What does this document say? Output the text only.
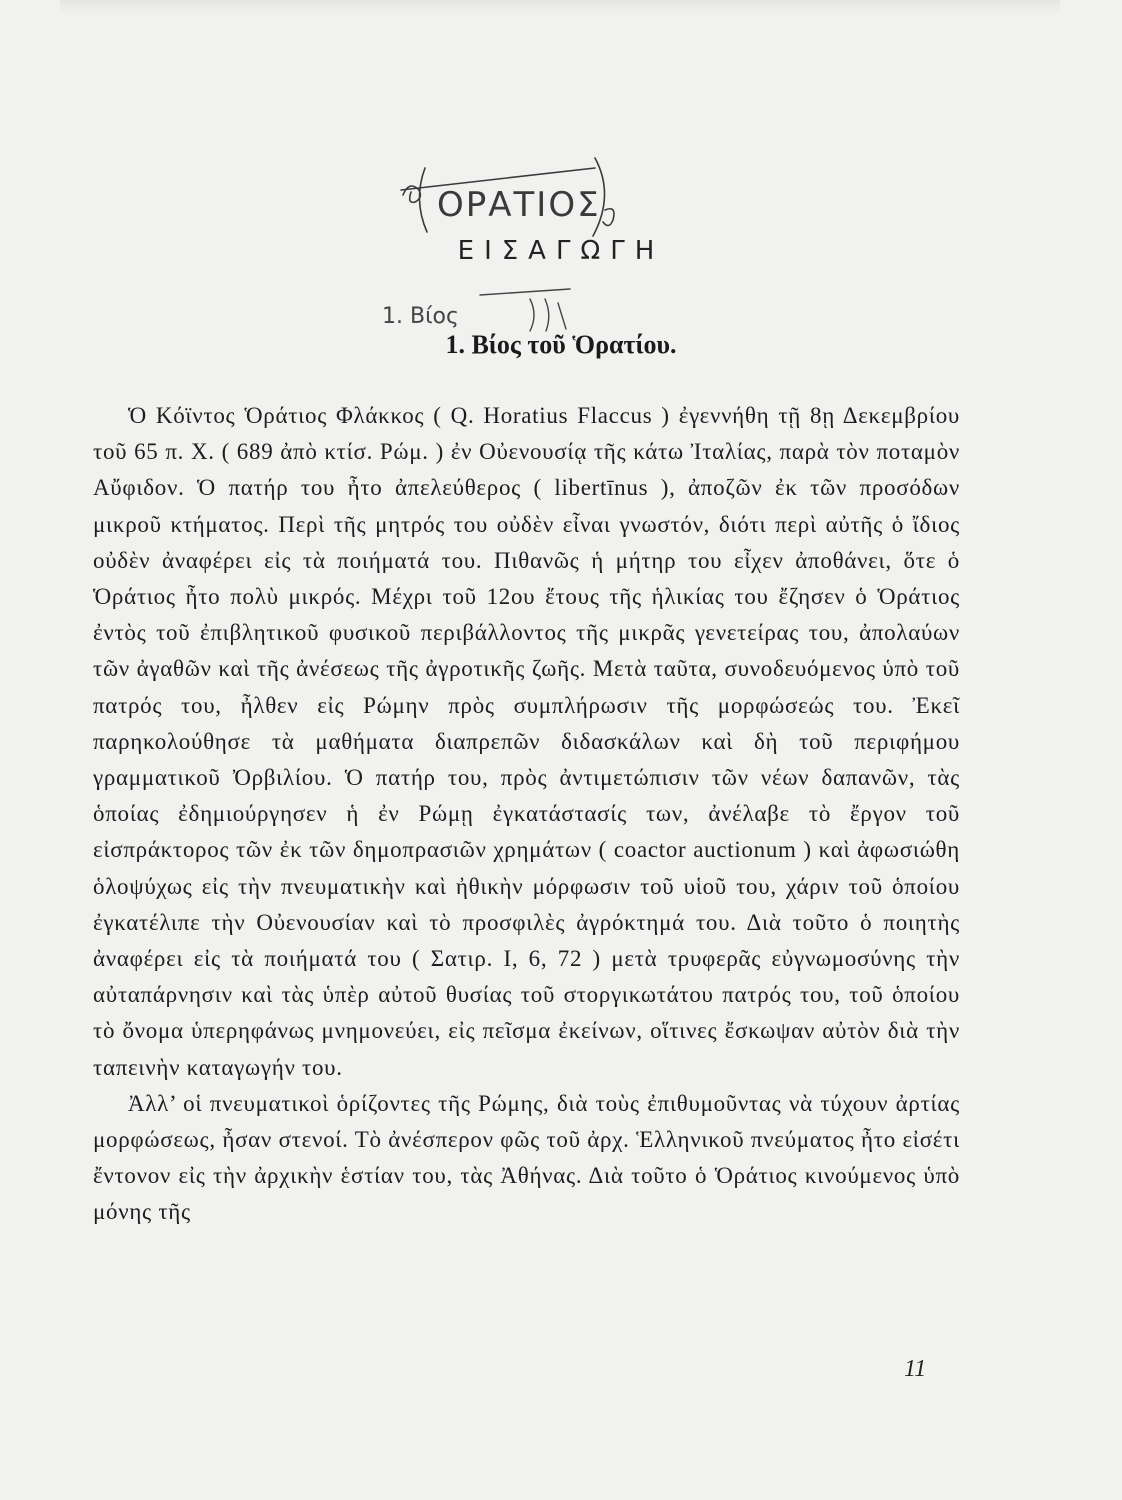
ΟΡΑΤΙΟΣ
1. Βίος
ΕΙΣΑΓΩΓΗ
1. Βίος τοῦ Ὁρατίου.

Ὁ Κόϊντος Ὁράτιος Φλάκκος ( Q. Horatius Flaccus ) ἐγεννήθη τῇ 8ῃ Δεκεμβρίου τοῦ 65 π. Χ. ( 689 ἀπὸ κτίσ. Ρώμ. ) ἐν Οὐενουσίᾳ τῆς κάτω Ἰταλίας, παρὰ τὸν ποταμὸν Αὔφιδον. Ὁ πατήρ του ἦτο ἀπελεύθερος ( libertīnus ), ἀποζῶν ἐκ τῶν προσόδων μικροῦ κτήματος. Περὶ τῆς μητρός του οὐδὲν εἶναι γνωστόν, διότι περὶ αὐτῆς ὁ ἴδιος οὐδὲν ἀναφέρει εἰς τὰ ποιήματά του. Πιθανῶς ἡ μήτηρ του εἶχεν ἀποθάνει, ὅτε ὁ Ὁράτιος ἦτο πολὺ μικρός. Μέχρι τοῦ 12ου ἔτους τῆς ἡλικίας του ἔζησεν ὁ Ὁράτιος ἐντὸς τοῦ ἐπιβλητικοῦ φυσικοῦ περιβάλλοντος τῆς μικρᾶς γενετείρας του, ἀπολαύων τῶν ἀγαθῶν καὶ τῆς ἀνέσεως τῆς ἀγροτικῆς ζωῆς. Μετὰ ταῦτα, συνοδευόμενος ὑπὸ τοῦ πατρός του, ἦλθεν εἰς Ρώμην πρὸς συμπλήρωσιν τῆς μορφώσεώς του. Ἐκεῖ παρηκολούθησε τὰ μαθήματα διαπρεπῶν διδασκάλων καὶ δὴ τοῦ περιφήμου γραμματικοῦ Ὀρβιλίου. Ὁ πατήρ του, πρὸς ἀντιμετώπισιν τῶν νέων δαπανῶν, τὰς ὁποίας ἐδημιούργησεν ἡ ἐν Ρώμῃ ἐγκατάστασίς των, ἀνέλαβε τὸ ἔργον τοῦ εἰσπράκτορος τῶν ἐκ τῶν δημοπρασιῶν χρημάτων ( coactor auctionum ) καὶ ἀφωσιώθη ὁλοψύχως εἰς τὴν πνευματικὴν καὶ ἠθικὴν μόρφωσιν τοῦ υἱοῦ του, χάριν τοῦ ὁποίου ἐγκατέλιπε τὴν Οὐενουσίαν καὶ τὸ προσφιλὲς ἀγρόκτημά του. Διὰ τοῦτο ὁ ποιητὴς ἀναφέρει εἰς τὰ ποιήματά του ( Σατιρ. I, 6, 72 ) μετὰ τρυφερᾶς εὐγνωμοσύνης τὴν αὐταπάρνησιν καὶ τὰς ὑπὲρ αὐτοῦ θυσίας τοῦ στοργικωτάτου πατρός του, τοῦ ὁποίου τὸ ὄνομα ὑπερηφάνως μνημονεύει, εἰς πεῖσμα ἐκείνων, οἵτινες ἔσκωψαν αὐτὸν διὰ τὴν ταπεινὴν καταγωγήν του.

Ἀλλ’ οἱ πνευματικοὶ ὁρίζοντες τῆς Ρώμης, διὰ τοὺς ἐπιθυμοῦντας νὰ τύχουν ἀρτίας μορφώσεως, ἦσαν στενοί. Τὸ ἀνέσπερον φῶς τοῦ ἀρχ. Ἑλληνικοῦ πνεύματος ἦτο εἰσέτι ἔντονον εἰς τὴν ἀρχικὴν ἑστίαν του, τὰς Ἀθήνας. Διὰ τοῦτο ὁ Ὁράτιος κινούμενος ὑπὸ μόνης τῆς

11
